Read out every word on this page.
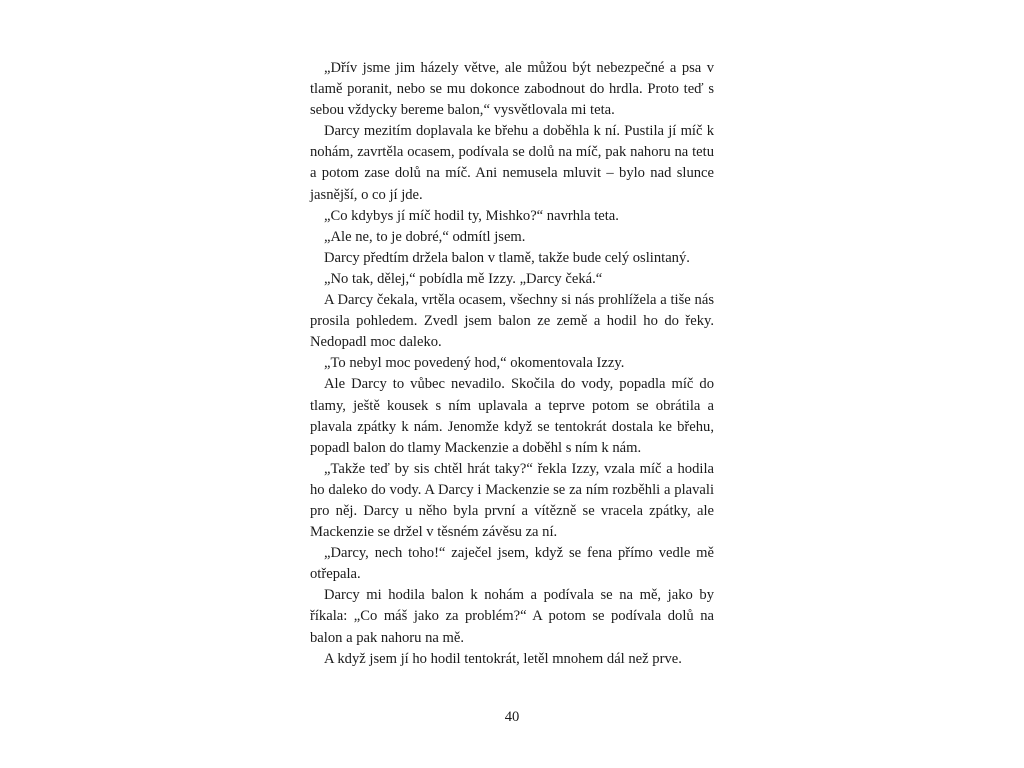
„Dřív jsme jim házely větve, ale můžou být nebezpečné a psa v tlamě poranit, nebo se mu dokonce zabodnout do hrdla. Proto teď s sebou vždycky bereme balon,“ vysvětlovala mi teta.

Darcy mezitím doplavala ke břehu a doběhla k ní. Pustila jí míč k nohám, zavrtěla ocasem, podívala se dolů na míč, pak nahoru na tetu a potom zase dolů na míč. Ani nemusela mluvit – bylo nad slunce jasnější, o co jí jde.

„Co kdybys jí míč hodil ty, Mishko?“ navrhla teta.

„Ale ne, to je dobré,“ odmítl jsem.

Darcy předtím držela balon v tlamě, takže bude celý oslintaný.

„No tak, dělej,“ pobídla mě Izzy. „Darcy čeká.“

A Darcy čekala, vrtěla ocasem, všechny si nás prohlížela a tiše nás prosila pohledem. Zvedl jsem balon ze země a hodil ho do řeky. Nedopadl moc daleko.

„To nebyl moc povedený hod,“ okomentovala Izzy.

Ale Darcy to vůbec nevadilo. Skočila do vody, popadla míč do tlamy, ještě kousek s ním uplavala a teprve potom se obrátila a plavala zpátky k nám. Jenomže když se tentokrát dostala ke břehu, popadl balon do tlamy Mackenzie a doběhl s ním k nám.

„Takže teď by sis chtěl hrát taky?“ řekla Izzy, vzala míč a hodila ho daleko do vody. A Darcy i Mackenzie se za ním rozběhli a plavali pro něj. Darcy u něho byla první a vítězně se vracela zpátky, ale Mackenzie se držel v těsném závěsu za ní.

„Darcy, nech toho!“ zaječel jsem, když se fena přímo vedle mě otřepala.

Darcy mi hodila balon k nohám a podívala se na mě, jako by říkala: „Co máš jako za problém?“ A potom se podívala dolů na balon a pak nahoru na mě.

A když jsem jí ho hodil tentokrát, letěl mnohem dál než prve.

40
